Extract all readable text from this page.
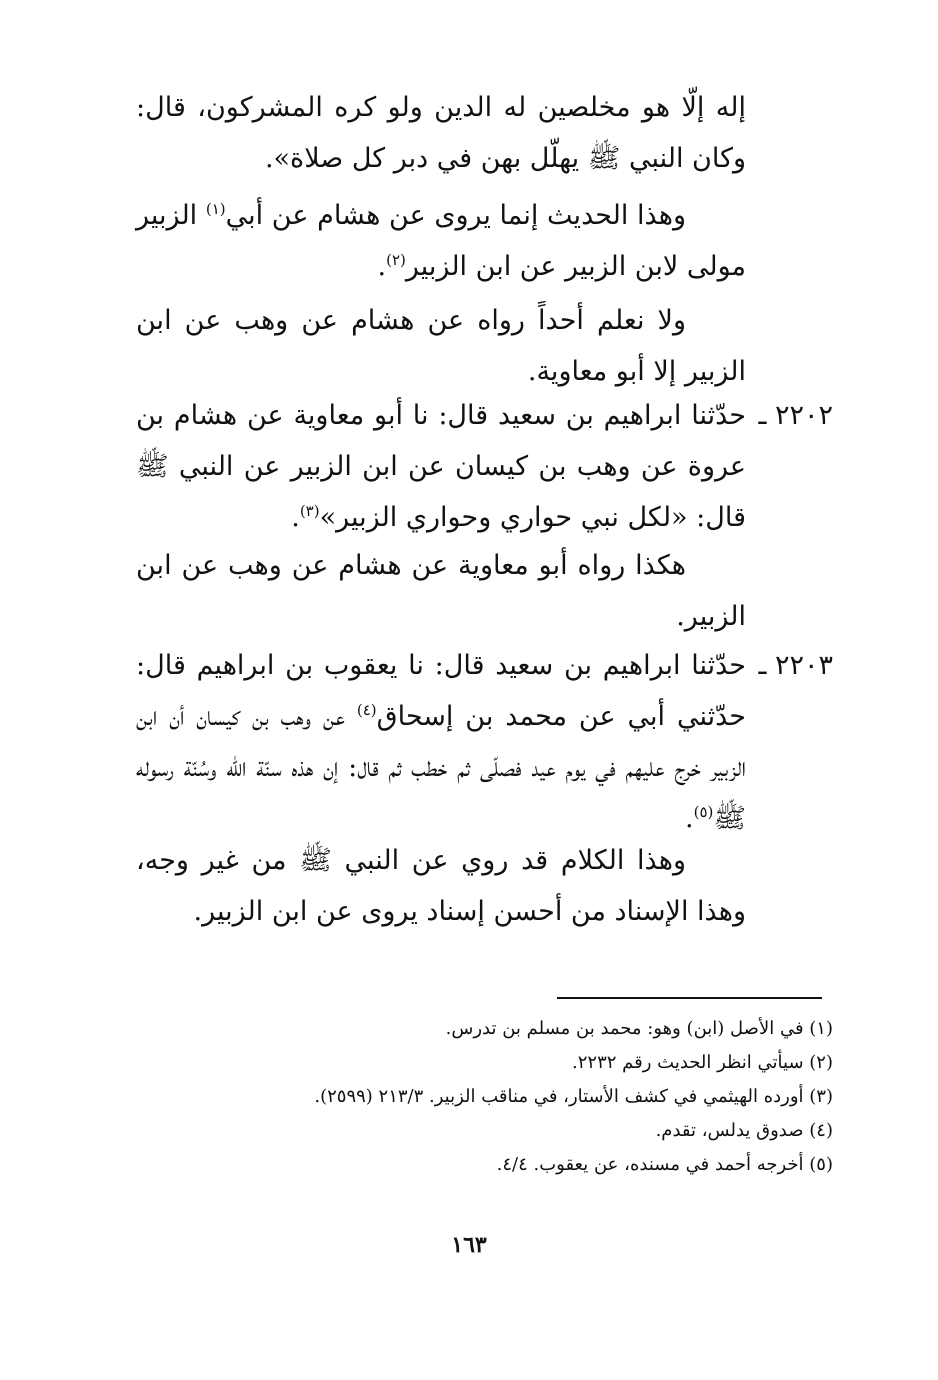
إله إلّا هو مخلصين له الدين ولو كره المشركون، قال: وكان النبي ﷺ يهلّل بهن في دبر كل صلاة».

وهذا الحديث إنما يروى عن هشام عن أبي$^{(١)}$ الزبير مولى لابن الزبير عن ابن الزبير$^{(٢)}$.

ولا نعلم أحداً رواه عن هشام عن وهب عن ابن الزبير إلا أبو معاوية.

٢٢٠٢ ـ
حدّثنا ابراهيم بن سعيد قال: نا أبو معاوية عن هشام بن عروة عن وهب بن كيسان عن ابن الزبير عن النبي ﷺ قال: «لكل نبي حواري وحواري الزبير»$^{(٣)}$.

هكذا رواه أبو معاوية عن هشام عن وهب عن ابن الزبير.

٢٢٠٣ ـ
حدّثنا ابراهيم بن سعيد قال: نا يعقوب بن ابراهيم قال: حدّثني أبي عن محمد بن إسحاق$^{(٤)}$ عن وهب بن كيسان أن ابن الزبير خرج عليهم في يوم عيد فصلّى ثم خطب ثم قال: إن هذه سنّة الله وسُنّة رسوله ﷺ$^{(٥)}$.

وهذا الكلام قد روي عن النبي ﷺ من غير وجه، وهذا الإسناد من أحسن إسناد يروى عن ابن الزبير.

(١) في الأصل (ابن) وهو: محمد بن مسلم بن تدرس.
(٢) سيأتي انظر الحديث رقم ٢٢٣٢.
(٣) أورده الهيثمي في كشف الأستار، في مناقب الزبير. ٢١٣/٣ (٢٥٩٩).
(٤) صدوق يدلس، تقدم.
(٥) أخرجه أحمد في مسنده، عن يعقوب. ٤/٤.
١٦٣
